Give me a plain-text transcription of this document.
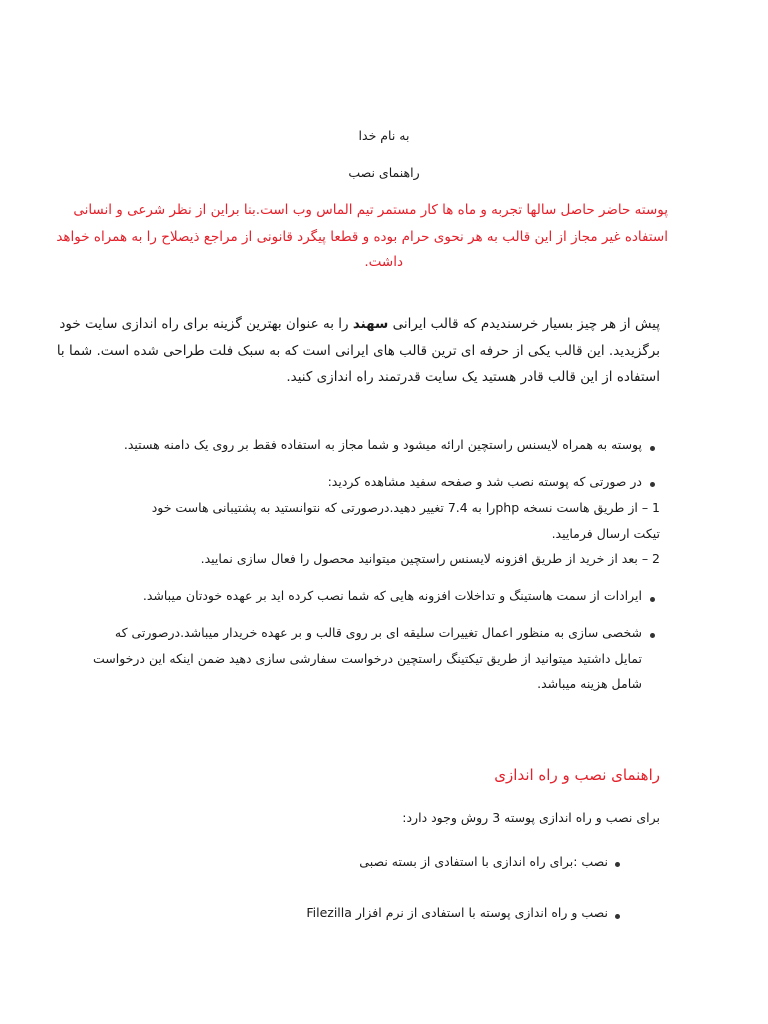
به نام خدا
راهنمای نصب
پوسته حاضر حاصل سالها تجربه و ماه ها کار مستمر تیم الماس وب است.بنا براین از نظر شرعی و انسانی
استفاده غیر مجاز از این قالب به هر نحوی حرام بوده و قطعا پیگرد قانونی از مراجع ذیصلاح را به همراه خواهد
داشت.
پیش از هر چیز بسیار خرسندیدم که قالب ایرانی سهند را به عنوان بهترین گزینه برای راه اندازی سایت خود
برگزیدید. این قالب یکی از حرفه ای ترین قالب های ایرانی است که به سبک فلت طراحی شده است. شما با
استفاده از این قالب قادر هستید یک سایت قدرتمند راه اندازی کنید.
پوسته به همراه لایسنس راستچین ارائه میشود و شما مجاز به استفاده فقط بر روی یک دامنه هستید.
در صورتی که پوسته نصب شد و صفحه سفید مشاهده کردید:
1 – از طریق هاست نسخه phpرا به 7.4 تغییر دهید.درصورتی که نتوانستید به پشتیبانی هاست خود
تیکت ارسال فرمایید.
2 – بعد از خرید از طریق افزونه لایسنس راستچین میتوانید محصول را فعال سازی نمایید.
ایرادات از سمت هاستینگ و تداخلات افزونه هایی که شما نصب کرده اید بر عهده خودتان میباشد.
شخصی سازی به منظور اعمال تغییرات سلیقه ای بر روی قالب و بر عهده خریدار میباشد.درصورتی که
تمایل داشتید میتوانید از طریق تیکتینگ راستچین درخواست سفارشی سازی دهید ضمن اینکه این درخواست
شامل هزینه میباشد.
راهنمای نصب و راه اندازی
برای نصب و راه اندازی پوسته 3 روش وجود دارد:
نصب :برای راه اندازی با استفادی از بسته نصبی
نصب و راه اندازی پوسته با استفادی از نرم افزار Filezilla
